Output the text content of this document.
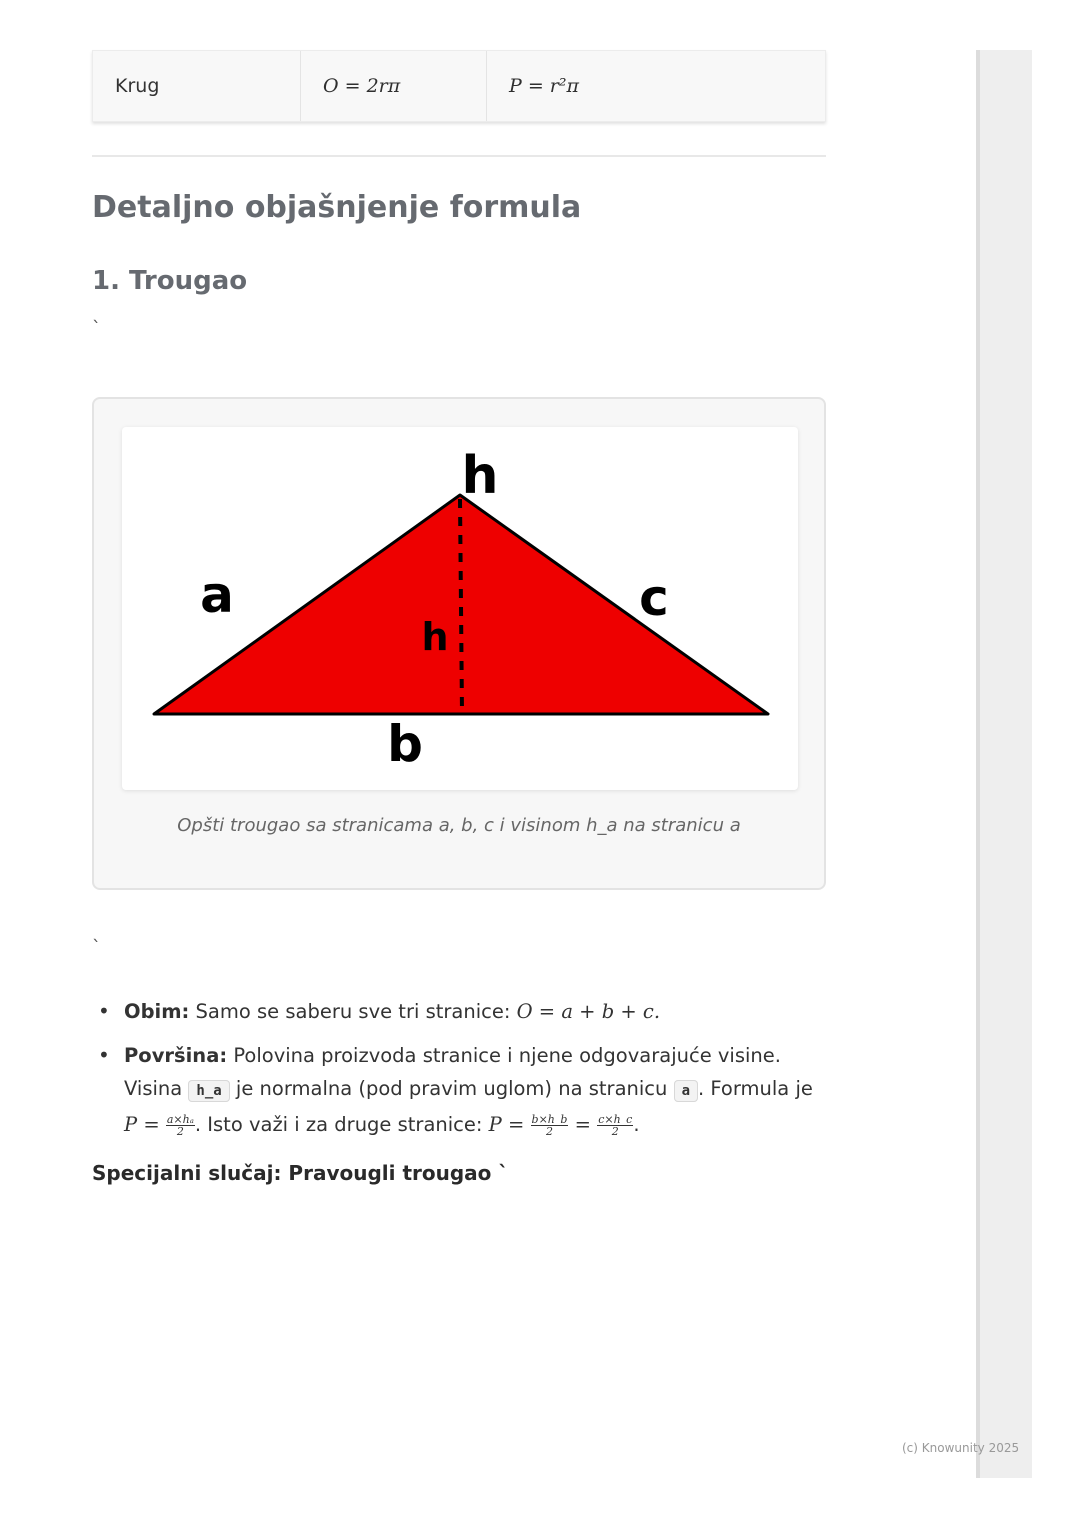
Krug	O = 2rπ	P = r²π
Detaljno objašnjenje formula
1. Trougao
`
h
a	c
h
b
Opšti trougao sa stranicama a, b, c i visinom h_a na stranicu a
`
• Obim: Samo se saberu sve tri stranice: O = a + b + c.
• Površina: Polovina proizvoda stranice i njene odgovarajuće visine. Visina h_a je normalna (pod pravim uglom) na stranicu a . Formula je $P = \frac{\text{a×hₐ}}{2}$ . Isto važi i za druge stranice: $P = \frac{b\times h\_b}{2} = \frac{c\times h\_c}{2}$ .
Specijalni slučaj: Pravougli trougao `
(c) Knowunity 2025
